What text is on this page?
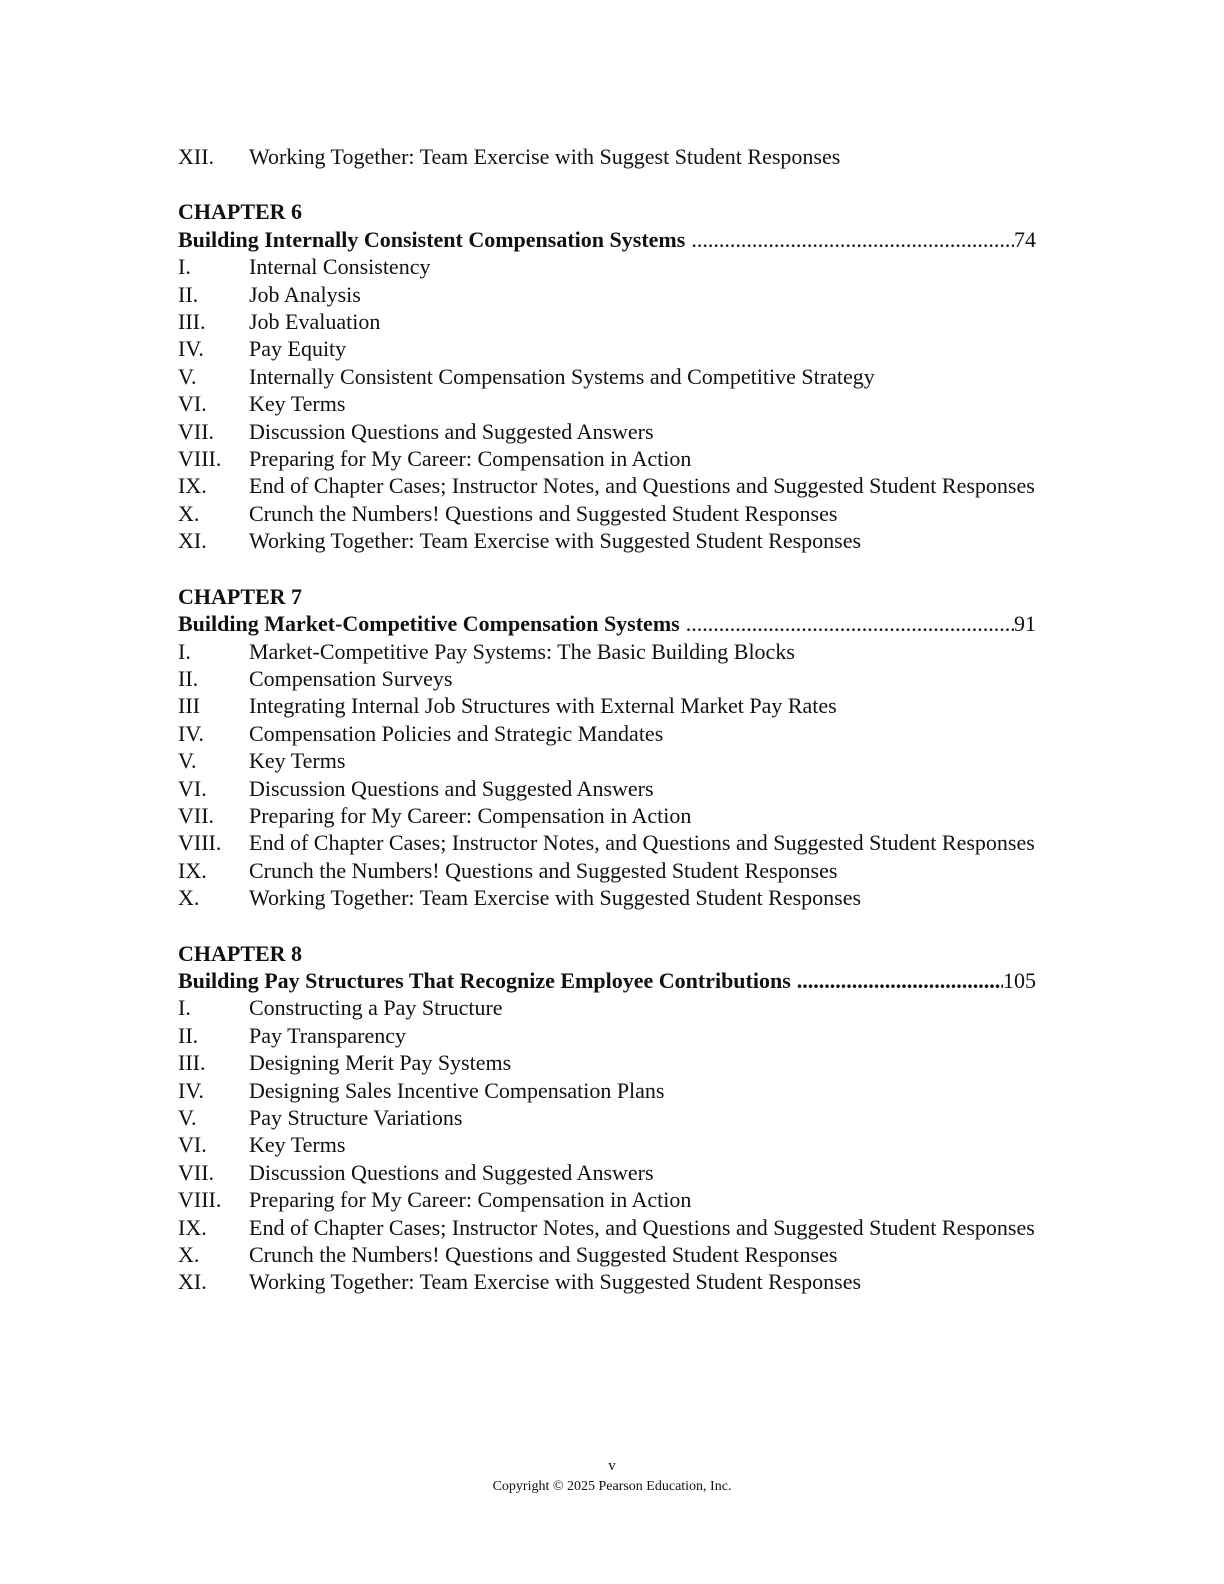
XII.	Working Together: Team Exercise with Suggest Student Responses
CHAPTER 6
Building Internally Consistent Compensation Systems .....	74
I.	Internal Consistency
II.	Job Analysis
III.	Job Evaluation
IV.	Pay Equity
V.	Internally Consistent Compensation Systems and Competitive Strategy
VI.	Key Terms
VII.	Discussion Questions and Suggested Answers
VIII.	Preparing for My Career: Compensation in Action
IX.	End of Chapter Cases; Instructor Notes, and Questions and Suggested Student Responses
X.	Crunch the Numbers! Questions and Suggested Student Responses
XI.	Working Together: Team Exercise with Suggested Student Responses
CHAPTER 7
Building Market-Competitive Compensation Systems .....	91
I.	Market-Competitive Pay Systems: The Basic Building Blocks
II.	Compensation Surveys
III	Integrating Internal Job Structures with External Market Pay Rates
IV.	Compensation Policies and Strategic Mandates
V.	Key Terms
VI.	Discussion Questions and Suggested Answers
VII.	Preparing for My Career: Compensation in Action
VIII.	End of Chapter Cases; Instructor Notes, and Questions and Suggested Student Responses
IX.	Crunch the Numbers! Questions and Suggested Student Responses
X.	Working Together: Team Exercise with Suggested Student Responses
CHAPTER 8
Building Pay Structures That Recognize Employee Contributions .....	105
I.	Constructing a Pay Structure
II.	Pay Transparency
III.	Designing Merit Pay Systems
IV.	Designing Sales Incentive Compensation Plans
V.	Pay Structure Variations
VI.	Key Terms
VII.	Discussion Questions and Suggested Answers
VIII.	Preparing for My Career: Compensation in Action
IX.	End of Chapter Cases; Instructor Notes, and Questions and Suggested Student Responses
X.	Crunch the Numbers! Questions and Suggested Student Responses
XI.	Working Together: Team Exercise with Suggested Student Responses
v
Copyright © 2025 Pearson Education, Inc.
